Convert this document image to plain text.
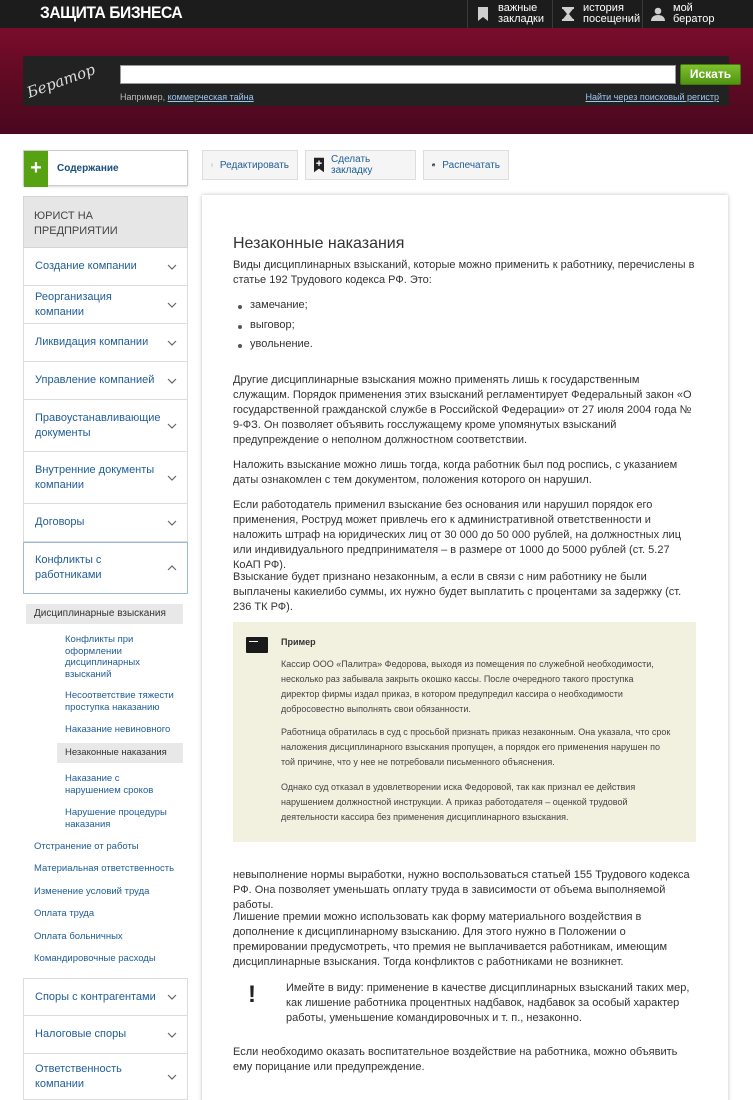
ЗАЩИТА БИЗНЕСА	важные
закладки
история
посещений
мой
бератор
Бератор	Искать
Например, коммерческая тайна	Найти через поисковый регистр
Редактировать	Сделать закладку	Распечатать
+	Содержание
ЮРИСТ НА ПРЕДПРИЯТИИ
Создание компании
Реорганизация компании
Ликвидация компании
Управление компанией
Правоустанавливающие документы
Внутренние документы компании
Договоры
Конфликты с работниками
Дисциплинарные взыскания
Конфликты при оформлении дисциплинарных взысканий
Несоответствие тяжести проступка наказанию
Наказание невиновного
Незаконные наказания
Наказание с нарушением сроков
Нарушение процедуры наказания
Отстранение от работы
Материальная ответственность
Изменение условий труда
Оплата труда
Оплата больничных
Командировочные расходы
Споры с контрагентами
Налоговые споры
Ответственность компании
Незаконные наказания
Виды дисциплинарных взысканий, которые можно применить к работнику, перечислены в статье 192 Трудового кодекса РФ. Это:
замечание;
выговор;
увольнение.
Другие дисциплинарные взыскания можно применять лишь к государственным служащим. Порядок применения этих взысканий регламентирует Федеральный закон «О государственной гражданской службе в Российской Федерации» от 27 июля 2004 года № 9-ФЗ. Он позволяет объявить госслужащему кроме упомянутых взысканий предупреждение о неполном должностном соответствии.
Наложить взыскание можно лишь тогда, когда работник был под роспись, с указанием даты ознакомлен с тем документом, положения которого он нарушил.
Если работодатель применил взыскание без основания или нарушил порядок его применения, Роструд может привлечь его к административной ответственности и наложить штраф на юридических лиц от 30 000 до 50 000 рублей, на должностных лиц или индивидуального предпринимателя – в размере от 1000 до 5000 рублей (ст. 5.27 КоАП РФ).
Взыскание будет признано незаконным, а если в связи с ним работнику не были выплачены какиелибо суммы, их нужно будет выплатить с процентами за задержку (ст. 236 ТК РФ).
Пример
Кассир ООО «Палитра» Федорова, выходя из помещения по служебной необходимости, несколько раз забывала закрыть окошко кассы. После очередного такого проступка директор фирмы издал приказ, в котором предупредил кассира о необходимости добросовестно выполнять свои обязанности.
Работница обратилась в суд с просьбой признать приказ незаконным. Она указала, что срок наложения дисциплинарного взыскания пропущен, а порядок его применения нарушен по той причине, что у нее не потребовали письменного объяснения.
Однако суд отказал в удовлетворении иска Федоровой, так как признал ее действия нарушением должностной инструкции. А приказ работодателя – оценкой трудовой деятельности кассира без применения дисциплинарного взыскания.
невыполнение нормы выработки, нужно воспользоваться статьей 155 Трудового кодекса РФ. Она позволяет уменьшать оплату труда в зависимости от объема выполняемой работы.
Лишение премии можно использовать как форму материального воздействия в дополнение к дисциплинарному взысканию. Для этого нужно в Положении о премировании предусмотреть, что премия не выплачивается работникам, имеющим дисциплинарные взыскания. Тогда конфликтов с работниками не возникнет.
!	Имейте в виду: применение в качестве дисциплинарных взысканий таких мер, как лишение работника процентных надбавок, надбавок за особый характер работы, уменьшение командировочных и т. п., незаконно.
Если необходимо оказать воспитательное воздействие на работника, можно объявить ему порицание или предупреждение.
